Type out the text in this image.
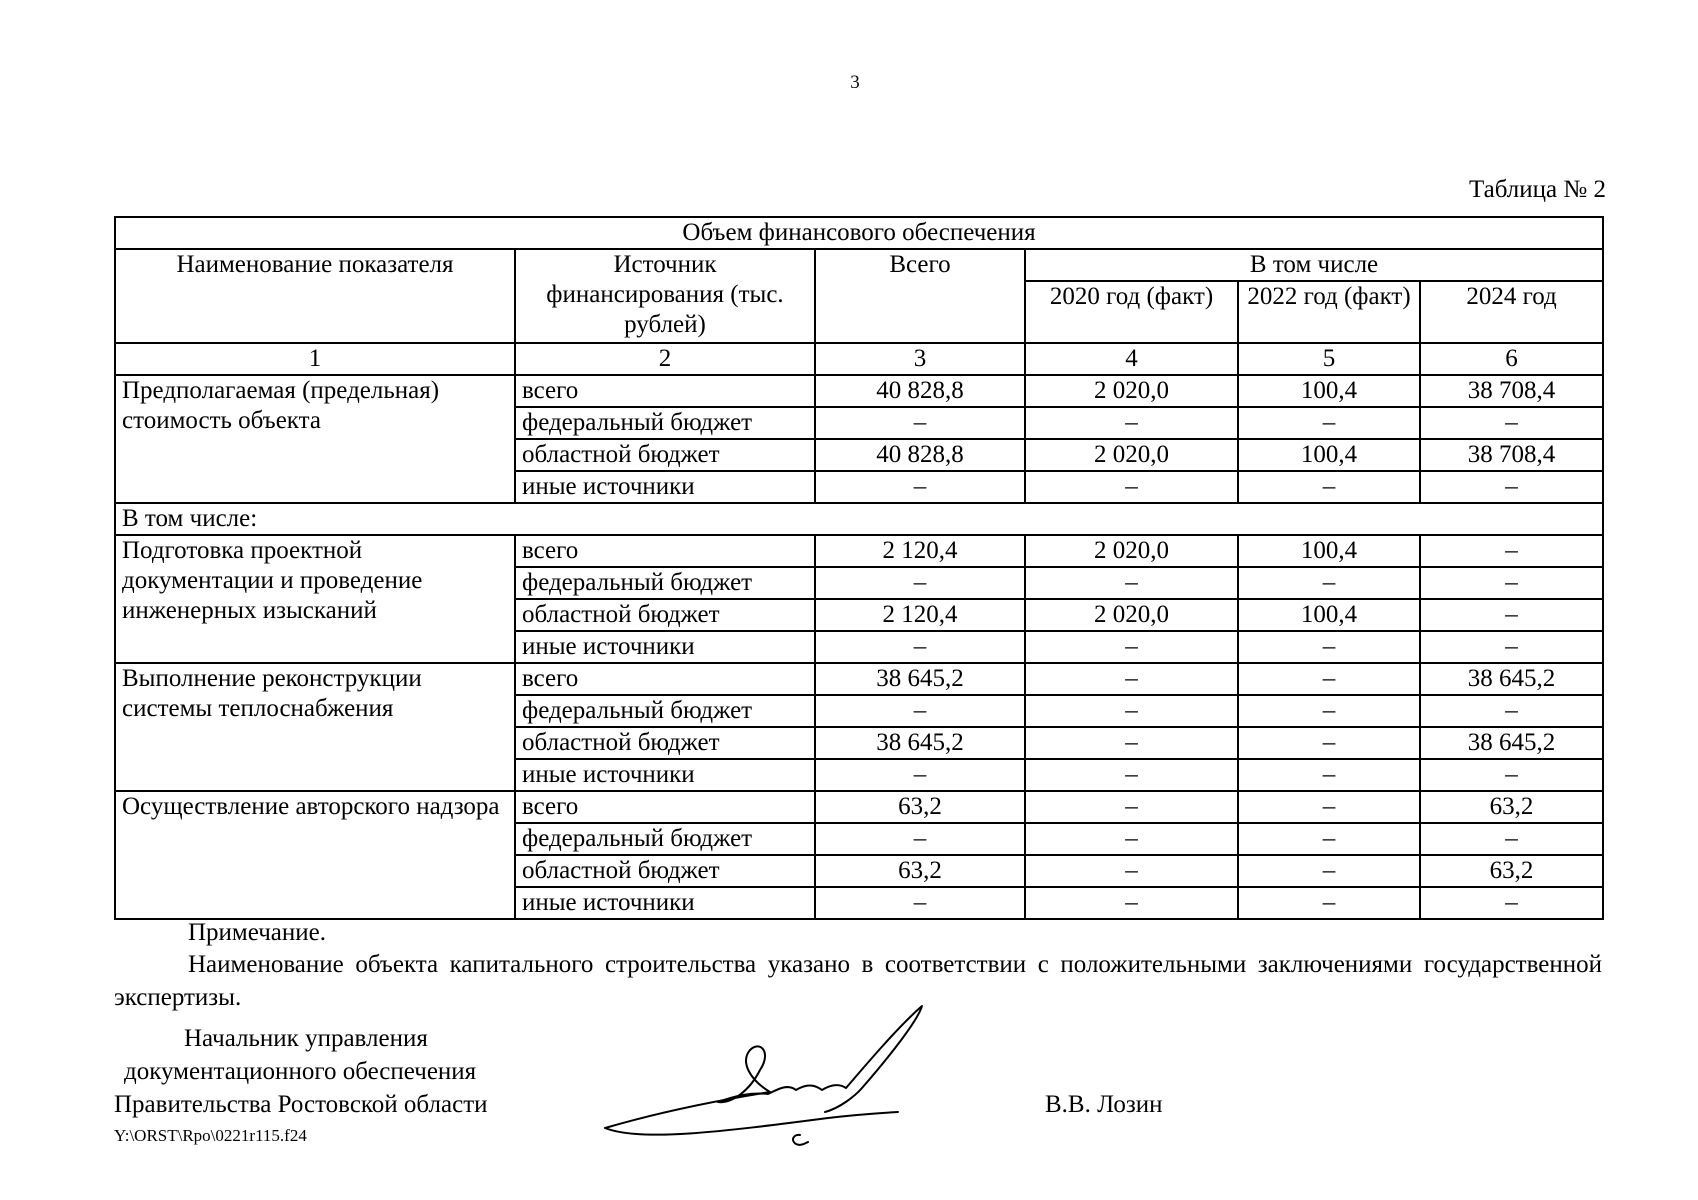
3
Таблица № 2
Объем финансового обеспечения					
Наименование показателя	Источник финансирования (тыс. рублей)	Всего	В том числе		
			2020 год (факт)	2022 год (факт)	2024 год
1	2	3	4	5	6
Предполагаемая (предельная) стоимость объекта	всего	40 828,8	2 020,0	100,4	38 708,4
	федеральный бюджет	–	–	–	–
	областной бюджет	40 828,8	2 020,0	100,4	38 708,4
	иные источники	–	–	–	–
В том числе:					
Подготовка проектной документации и проведение инженерных изысканий	всего	2 120,4	2 020,0	100,4	–
	федеральный бюджет	–	–	–	–
	областной бюджет	2 120,4	2 020,0	100,4	–
	иные источники	–	–	–	–
Выполнение реконструкции системы теплоснабжения	всего	38 645,2	–	–	38 645,2
	федеральный бюджет	–	–	–	–
	областной бюджет	38 645,2	–	–	38 645,2
	иные источники	–	–	–	–
Осуществление авторского надзора	всего	63,2	–	–	63,2
	федеральный бюджет	–	–	–	–
	областной бюджет	63,2	–	–	63,2
	иные источники	–	–	–	–
Примечание.
Наименование объекта капитального строительства указано в соответствии с положительными заключениями государственной экспертизы.
Начальник управления
документационного обеспечения
Правительства Ростовской области	В.В. Лозин
Y:\ORST\Rpo\0221r115.f24
